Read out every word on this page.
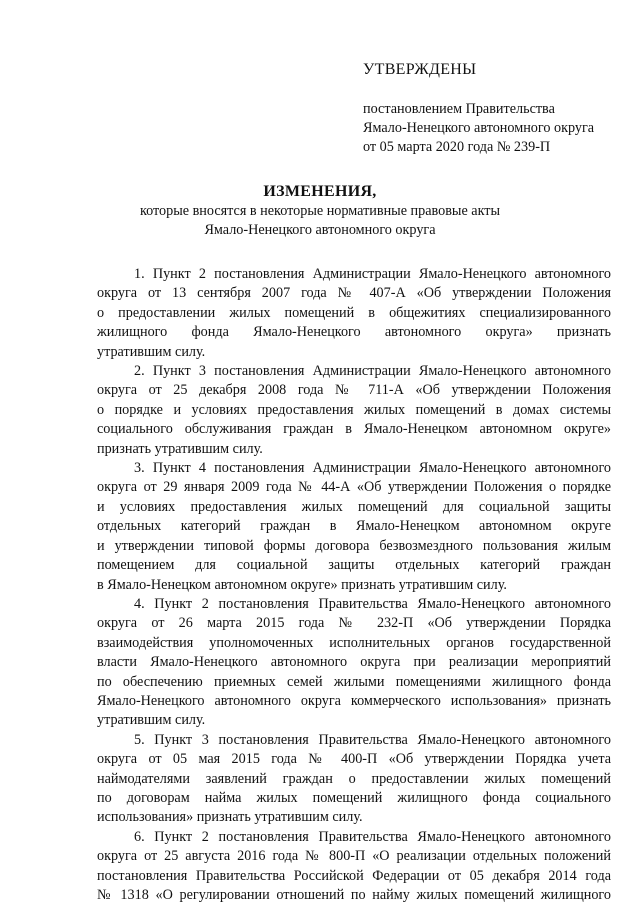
УТВЕРЖДЕНЫ
постановлением Правительства
Ямало-Ненецкого автономного округа
от 05 марта 2020 года № 239-П
ИЗМЕНЕНИЯ,
которые вносятся в некоторые нормативные правовые акты
Ямало-Ненецкого автономного округа

1. Пункт 2 постановления Администрации Ямало-Ненецкого автономного

округа от 13 сентября 2007 года № 407-А «Об утверждении Положения

о предоставлении жилых помещений в общежитиях специализированного

жилищного фонда Ямало-Ненецкого автономного округа» признать

утратившим силу.

2. Пункт 3 постановления Администрации Ямало-Ненецкого автономного

округа от 25 декабря 2008 года № 711-А «Об утверждении Положения

о порядке и условиях предоставления жилых помещений в домах системы

социального обслуживания граждан в Ямало-Ненецком автономном округе»

признать утратившим силу.

3. Пункт 4 постановления Администрации Ямало-Ненецкого автономного

округа от 29 января 2009 года № 44-А «Об утверждении Положения о порядке

и условиях предоставления жилых помещений для социальной защиты

отдельных категорий граждан в Ямало-Ненецком автономном округе

и утверждении типовой формы договора безвозмездного пользования жилым

помещением для социальной защиты отдельных категорий граждан

в Ямало-Ненецком автономном округе» признать утратившим силу.

4. Пункт 2 постановления Правительства Ямало-Ненецкого автономного

округа от 26 марта 2015 года № 232-П «Об утверждении Порядка

взаимодействия уполномоченных исполнительных органов государственной

власти Ямало-Ненецкого автономного округа при реализации мероприятий

по обеспечению приемных семей жилыми помещениями жилищного фонда

Ямало-Ненецкого автономного округа коммерческого использования» признать

утратившим силу.

5. Пункт 3 постановления Правительства Ямало-Ненецкого автономного

округа от 05 мая 2015 года № 400-П «Об утверждении Порядка учета

наймодателями заявлений граждан о предоставлении жилых помещений

по договорам найма жилых помещений жилищного фонда социального

использования» признать утратившим силу.

6. Пункт 2 постановления Правительства Ямало-Ненецкого автономного

округа от 25 августа 2016 года № 800-П «О реализации отдельных положений

постановления Правительства Российской Федерации от 05 декабря 2014 года

№ 1318 «О регулировании отношений по найму жилых помещений жилищного
